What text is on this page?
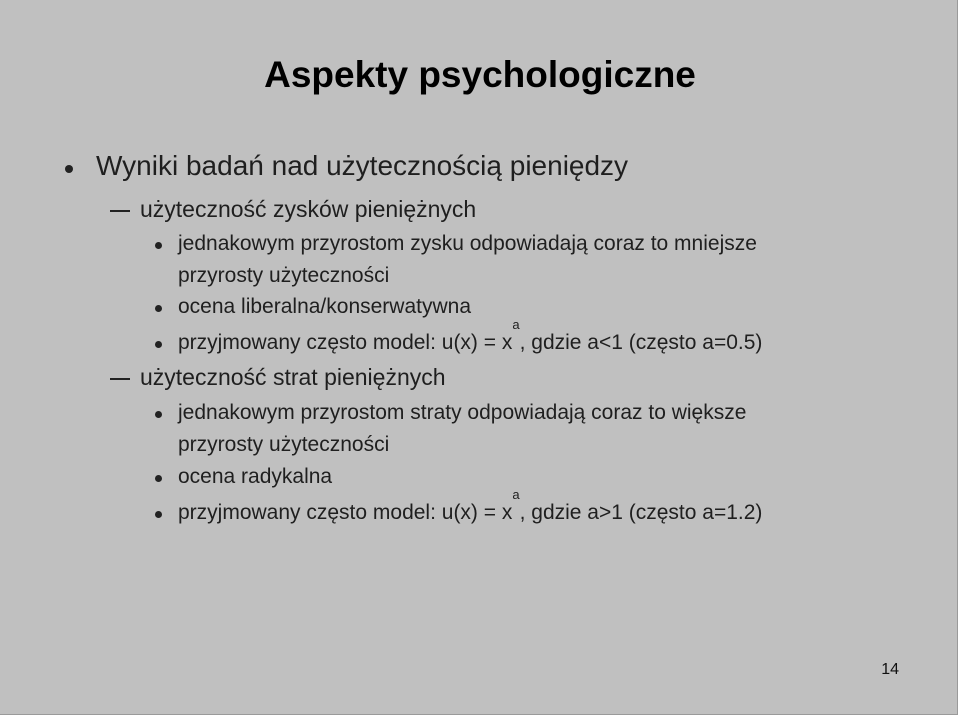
Aspekty psychologiczne
Wyniki badań nad użytecznością pieniędzy
użyteczność zysków pieniężnych
jednakowym przyrostom zysku odpowiadają coraz to mniejsze
przyrosty użyteczności
ocena liberalna/konserwatywna
przyjmowany często model: $u(x) = x^a$, gdzie a<1 (często a=0.5)
użyteczność strat pieniężnych
jednakowym przyrostom straty odpowiadają coraz to większe
przyrosty użyteczności
ocena radykalna
przyjmowany często model: $u(x) = x^a$, gdzie a>1 (często a=1.2)
14
